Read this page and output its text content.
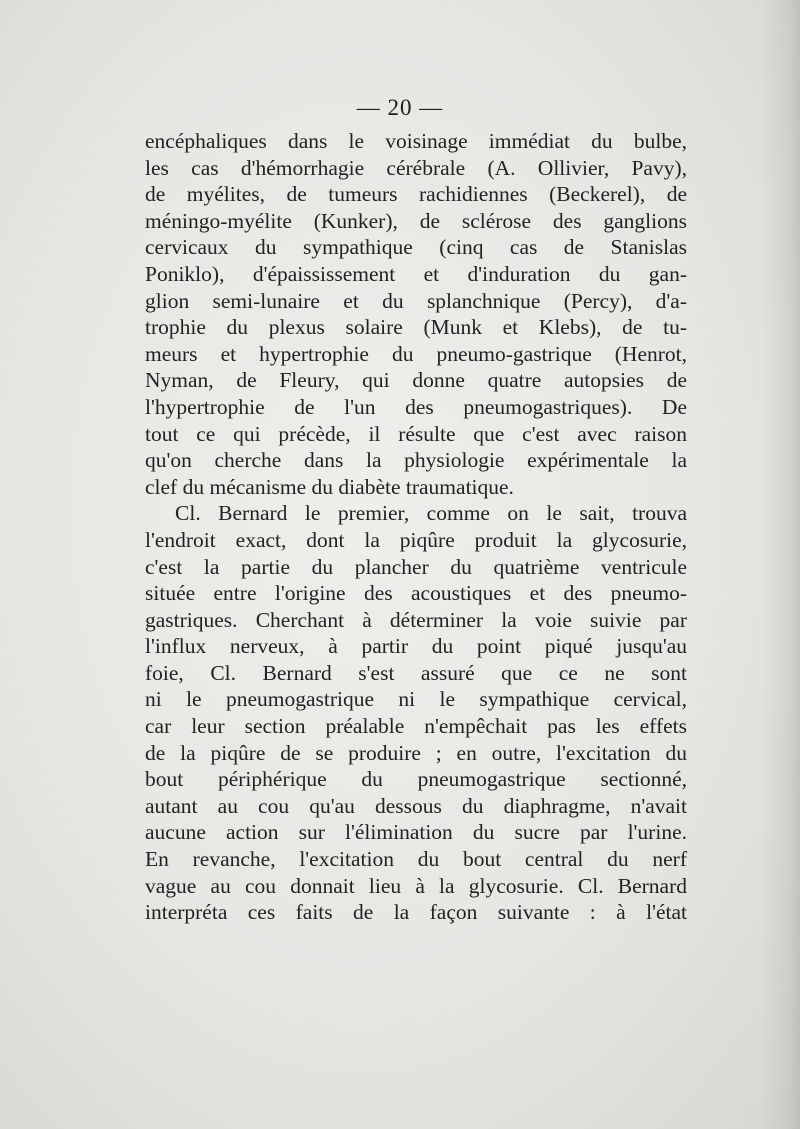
— 20 —
encéphaliques dans le voisinage immédiat du bulbe,
les cas d'hémorrhagie cérébrale (A. Ollivier, Pavy),
de myélites, de tumeurs rachidiennes (Beckerel), de
méningo-myélite (Kunker), de sclérose des ganglions
cervicaux du sympathique (cinq cas de Stanislas
Poniklo), d'épaississement et d'induration du gan-
glion semi-lunaire et du splanchnique (Percy), d'a-
trophie du plexus solaire (Munk et Klebs), de tu-
meurs et hypertrophie du pneumo-gastrique (Henrot,
Nyman, de Fleury, qui donne quatre autopsies de
l'hypertrophie de l'un des pneumogastriques). De
tout ce qui précède, il résulte que c'est avec raison
qu'on cherche dans la physiologie expérimentale la
clef du mécanisme du diabète traumatique.
Cl. Bernard le premier, comme on le sait, trouva
l'endroit exact, dont la piqûre produit la glycosurie,
c'est la partie du plancher du quatrième ventricule
située entre l'origine des acoustiques et des pneumo-
gastriques. Cherchant à déterminer la voie suivie par
l'influx nerveux, à partir du point piqué jusqu'au
foie, Cl. Bernard s'est assuré que ce ne sont
ni le pneumogastrique ni le sympathique cervical,
car leur section préalable n'empêchait pas les effets
de la piqûre de se produire ; en outre, l'excitation du
bout périphérique du pneumogastrique sectionné,
autant au cou qu'au dessous du diaphragme, n'avait
aucune action sur l'élimination du sucre par l'urine.
En revanche, l'excitation du bout central du nerf
vague au cou donnait lieu à la glycosurie. Cl. Bernard
interpréta ces faits de la façon suivante : à l'état
